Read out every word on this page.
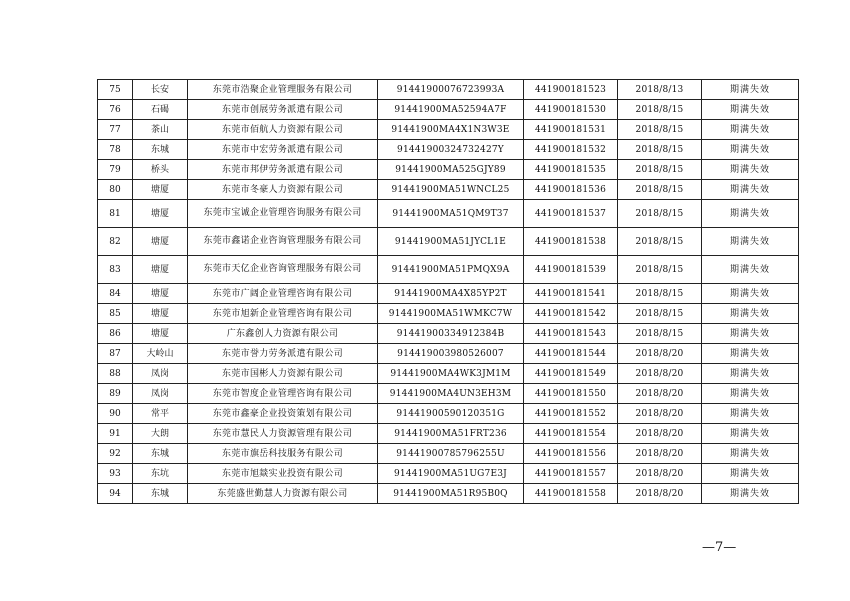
75	长安	东莞市浩聚企业管理服务有限公司	91441900076723993A	441900181523	2018/8/13	期满失效
76	石碣	东莞市创展劳务派遣有限公司	91441900MA52594A7F	441900181530	2018/8/15	期满失效
77	茶山	东莞市佰航人力资源有限公司	91441900MA4X1N3W3E	441900181531	2018/8/15	期满失效
78	东城	东莞市中宏劳务派遣有限公司	91441900324732427Y	441900181532	2018/8/15	期满失效
79	桥头	东莞市邦伊劳务派遣有限公司	91441900MA525GJY89	441900181535	2018/8/15	期满失效
80	塘厦	东莞市冬豪人力资源有限公司	91441900MA51WNCL25	441900181536	2018/8/15	期满失效
81	塘厦	东莞市宝诚企业管理咨询服务有限公司	91441900MA51QM9T37	441900181537	2018/8/15	期满失效
82	塘厦	东莞市鑫诺企业咨询管理服务有限公司	91441900MA51JYCL1E	441900181538	2018/8/15	期满失效
83	塘厦	东莞市天亿企业咨询管理服务有限公司	91441900MA51PMQX9A	441900181539	2018/8/15	期满失效
84	塘厦	东莞市广阔企业管理咨询有限公司	91441900MA4X85YP2T	441900181541	2018/8/15	期满失效
85	塘厦	东莞市旭新企业管理咨询有限公司	91441900MA51WMKC7W	441900181542	2018/8/15	期满失效
86	塘厦	广东鑫创人力资源有限公司	91441900334912384B	441900181543	2018/8/15	期满失效
87	大岭山	东莞市誉力劳务派遣有限公司	91441900398052600​7	441900181544	2018/8/20	期满失效
88	凤岗	东莞市国彬人力资源有限公司	91441900MA4WK3JM1M	441900181549	2018/8/20	期满失效
89	凤岗	东莞市智度企业管理咨询有限公司	91441900MA4UN3EH3M	441900181550	2018/8/20	期满失效
90	常平	东莞市鑫豪企业投资策划有限公司	91441900590120351G	441900181552	2018/8/20	期满失效
91	大朗	东莞市慧民人力资源管理有限公司	91441900MA51FRT236	441900181554	2018/8/20	期满失效
92	东城	东莞市旗岳科技服务有限公司	91441900785796255U	441900181556	2018/8/20	期满失效
93	东坑	东莞市旭燚实业投资有限公司	91441900MA51UG7E3J	441900181557	2018/8/20	期满失效
94	东城	东莞盛世勤慧人力资源有限公司	91441900MA51R95B0Q	441900181558	2018/8/20	期满失效
—7—
